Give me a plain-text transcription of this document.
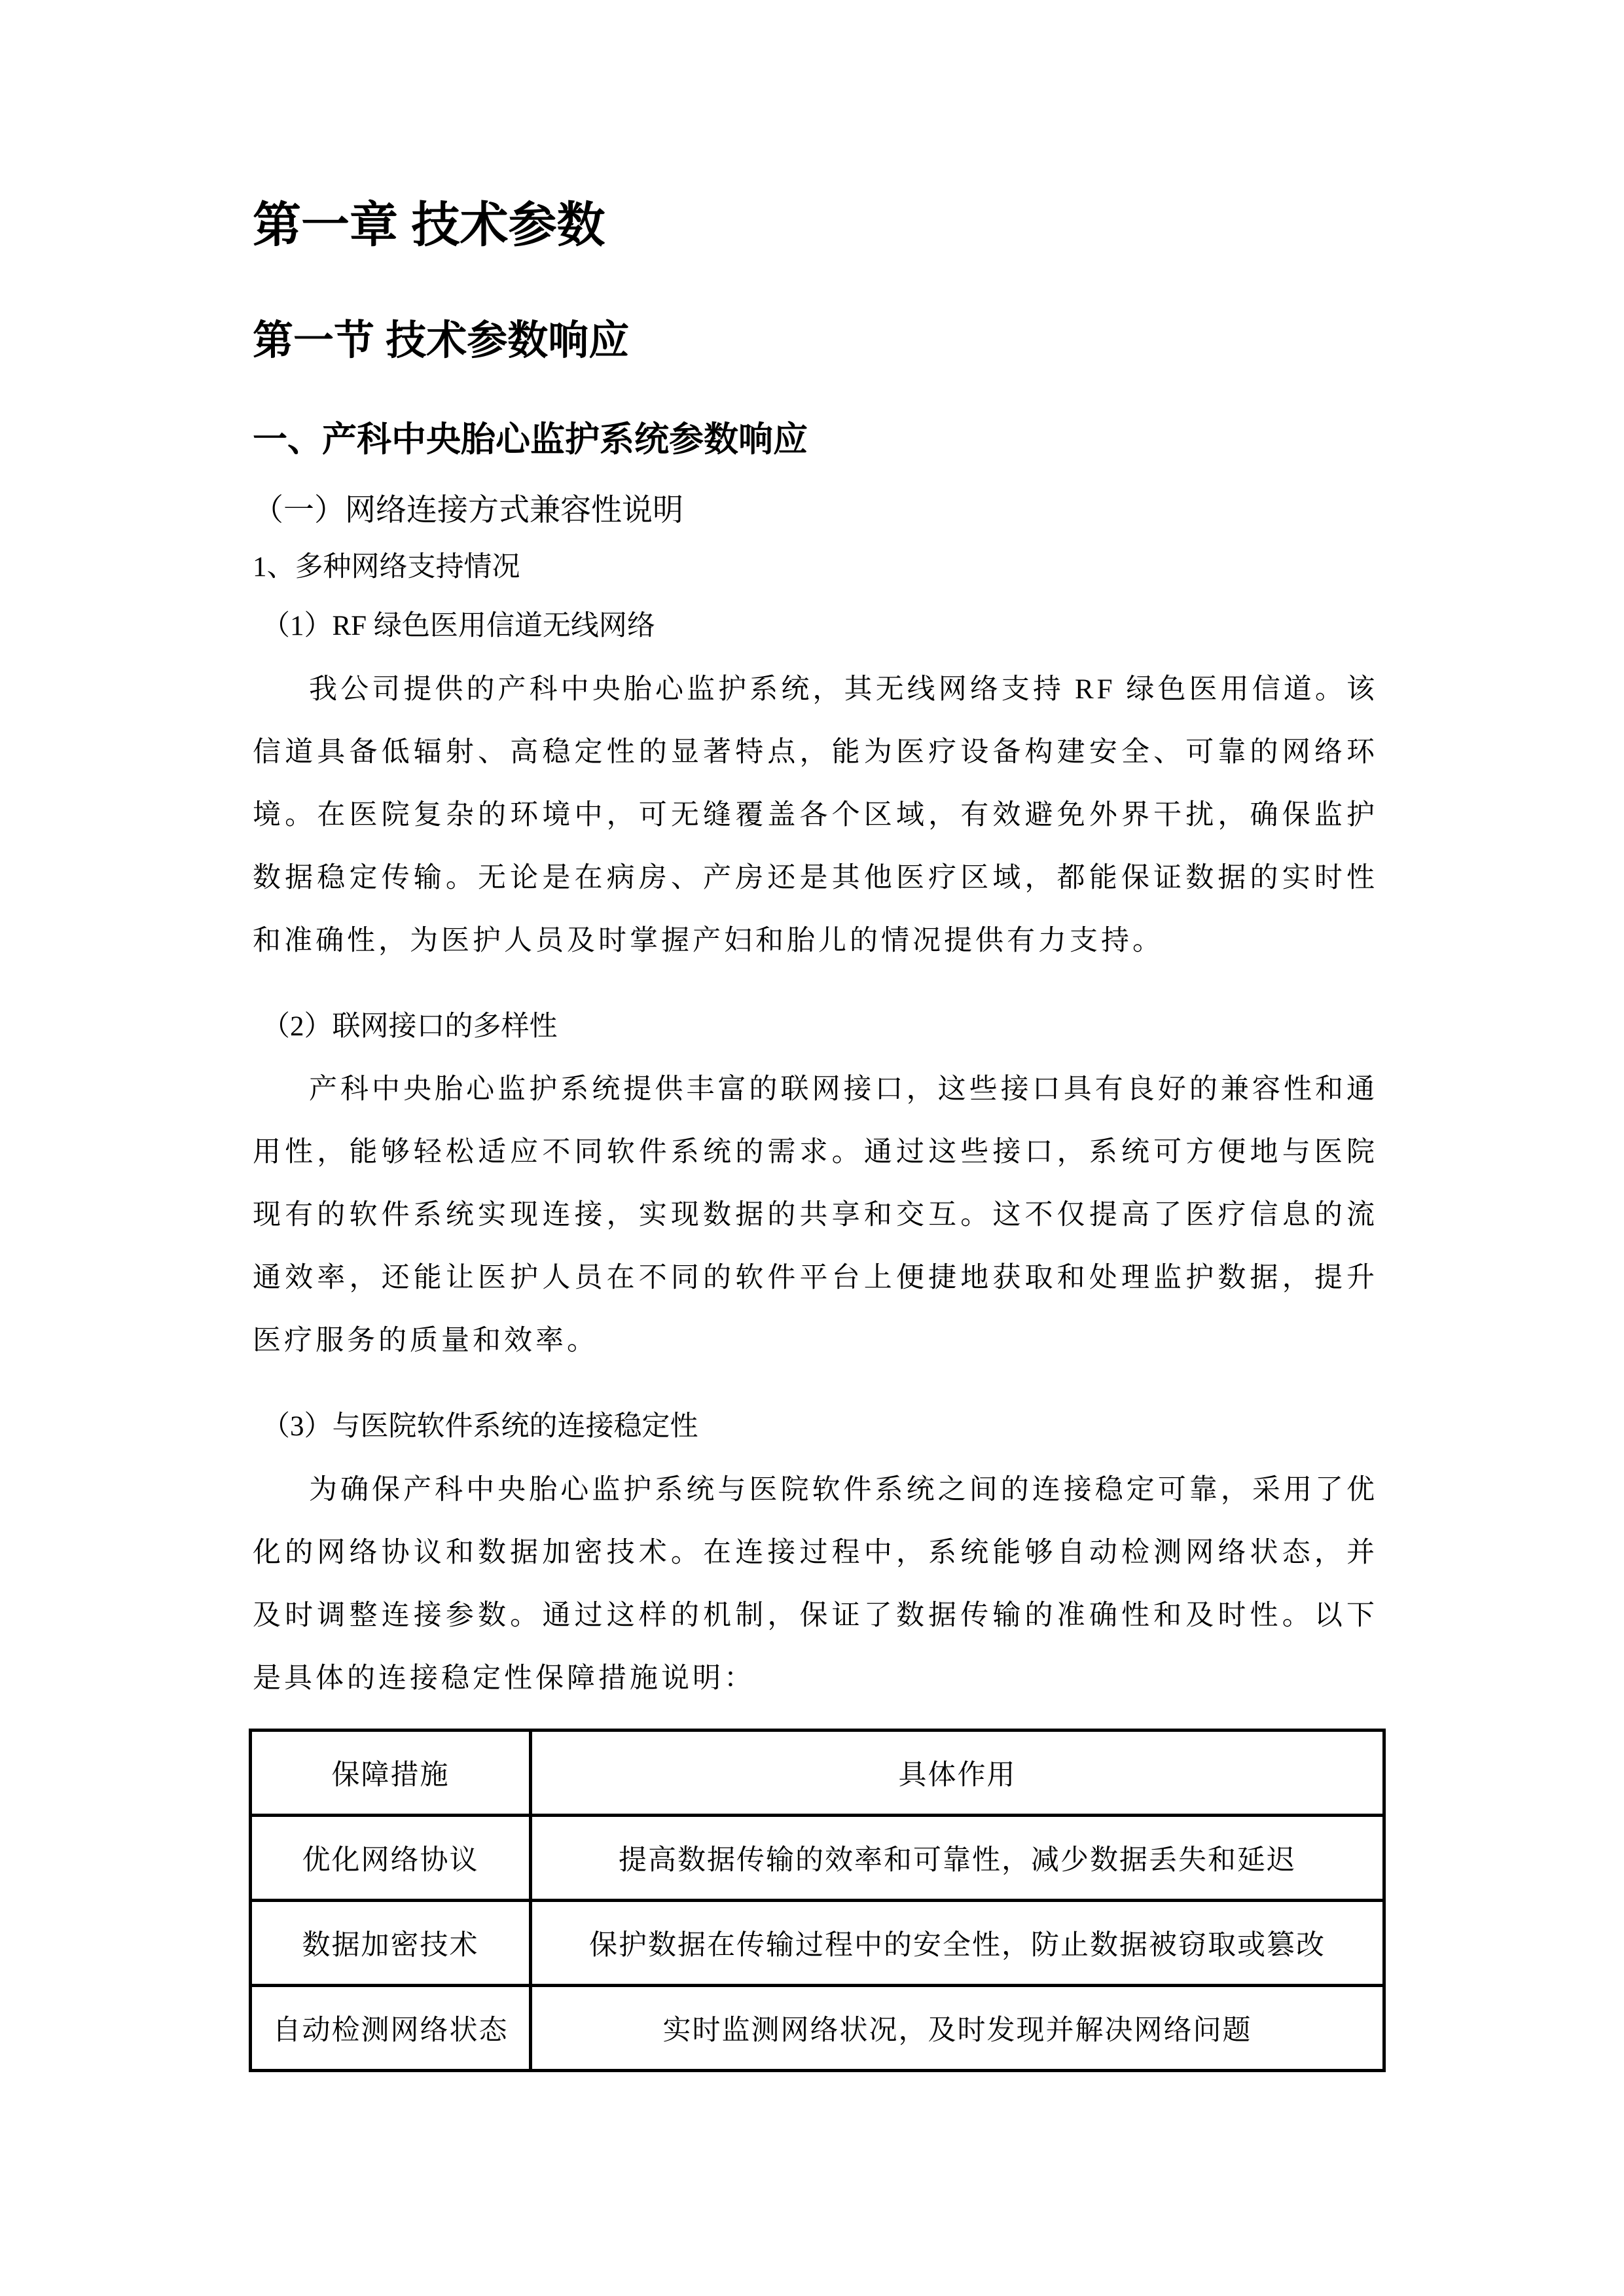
第一章 技术参数
第一节 技术参数响应
一、产科中央胎心监护系统参数响应
（一）网络连接方式兼容性说明
1、多种网络支持情况
（1）RF 绿色医用信道无线网络

我公司提供的产科中央胎心监护系统，其无线网络支持 RF 绿色医用信道。该信道具备低辐射、高稳定性的显著特点，能为医疗设备构建安全、可靠的网络环境。在医院复杂的环境中，可无缝覆盖各个区域，有效避免外界干扰，确保监护数据稳定传输。无论是在病房、产房还是其他医疗区域，都能保证数据的实时性和准确性，为医护人员及时掌握产妇和胎儿的情况提供有力支持。

（2）联网接口的多样性

产科中央胎心监护系统提供丰富的联网接口，这些接口具有良好的兼容性和通用性，能够轻松适应不同软件系统的需求。通过这些接口，系统可方便地与医院现有的软件系统实现连接，实现数据的共享和交互。这不仅提高了医疗信息的流通效率，还能让医护人员在不同的软件平台上便捷地获取和处理监护数据，提升医疗服务的质量和效率。

（3）与医院软件系统的连接稳定性

为确保产科中央胎心监护系统与医院软件系统之间的连接稳定可靠，采用了优化的网络协议和数据加密技术。在连接过程中，系统能够自动检测网络状态，并及时调整连接参数。通过这样的机制，保证了数据传输的准确性和及时性。以下是具体的连接稳定性保障措施说明：

保障措施	具体作用
优化网络协议	提高数据传输的效率和可靠性，减少数据丢失和延迟
数据加密技术	保护数据在传输过程中的安全性，防止数据被窃取或篡改
自动检测网络状态	实时监测网络状况，及时发现并解决网络问题
